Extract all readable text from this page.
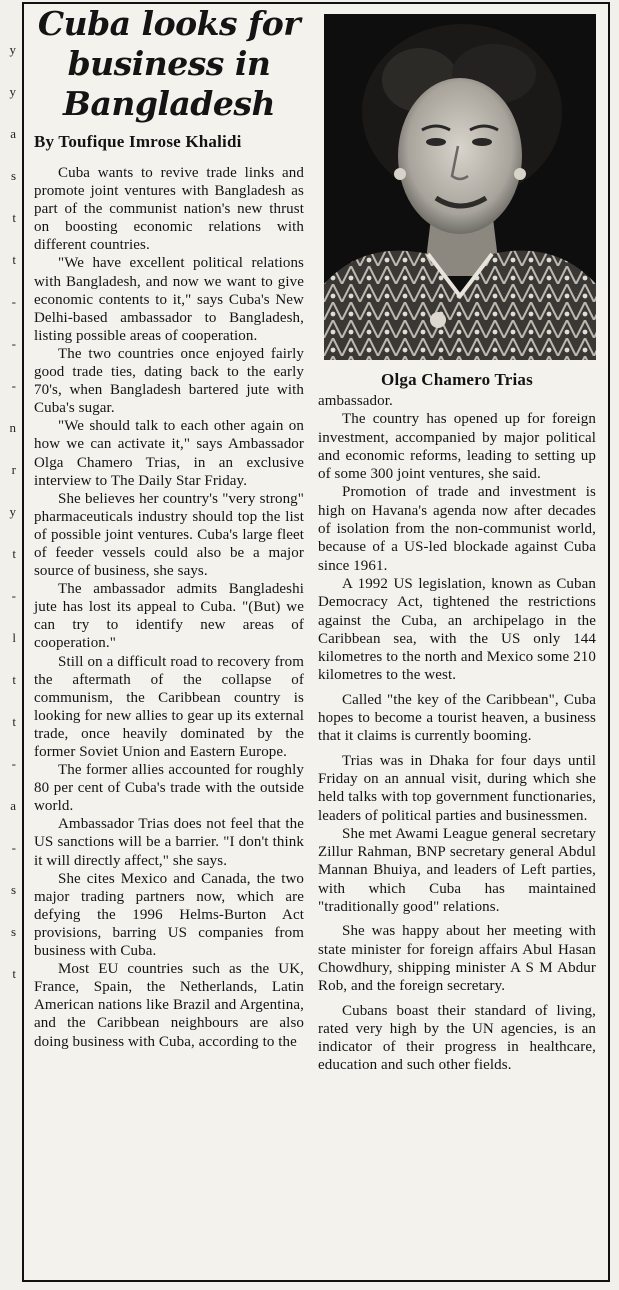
y
y
a
s
t
t
-
-
-
n
r
y
t
-
l
t
t
-
a
-
s
s
t
Cuba looks for business in Bangladesh
By Toufique Imrose Khalidi

Cuba wants to revive trade links and promote joint ventures with Bangladesh as part of the communist nation's new thrust on boosting economic relations with different countries.

"We have excellent political relations with Bangladesh, and now we want to give economic contents to it," says Cuba's New Delhi-based ambassador to Bangladesh, listing possible areas of cooperation.

The two countries once enjoyed fairly good trade ties, dating back to the early 70's, when Bangladesh bartered jute with Cuba's sugar.

"We should talk to each other again on how we can activate it," says Ambassador Olga Chamero Trias, in an exclusive interview to The Daily Star Friday.

She believes her country's "very strong" pharmaceuticals industry should top the list of possible joint ventures. Cuba's large fleet of feeder vessels could also be a major source of business, she says.

The ambassador admits Bangladeshi jute has lost its appeal to Cuba. "(But) we can try to identify new areas of cooperation."

Still on a difficult road to recovery from the aftermath of the collapse of communism, the Caribbean country is looking for new allies to gear up its external trade, once heavily dominated by the former Soviet Union and Eastern Europe.

The former allies accounted for roughly 80 per cent of Cuba's trade with the outside world.

Ambassador Trias does not feel that the US sanctions will be a barrier. "I don't think it will directly affect," she says.

She cites Mexico and Canada, the two major trading partners now, which are defying the 1996 Helms-Burton Act provisions, barring US companies from business with Cuba.

Most EU countries such as the UK, France, Spain, the Netherlands, Latin American nations like Brazil and Argentina, and the Caribbean neighbours are also doing business with Cuba, according to the

Olga Chamero Trias

ambassador.

The country has opened up for foreign investment, accompanied by major political and economic reforms, leading to setting up of some 300 joint ventures, she said.

Promotion of trade and investment is high on Havana's agenda now after decades of isolation from the non-communist world, because of a US-led blockade against Cuba since 1961.

A 1992 US legislation, known as Cuban Democracy Act, tightened the restrictions against the Cuba, an archipelago in the Caribbean sea, with the US only 144 kilometres to the north and Mexico some 210 kilometres to the west.

Called "the key of the Caribbean", Cuba hopes to become a tourist heaven, a business that it claims is currently booming.

Trias was in Dhaka for four days until Friday on an annual visit, during which she held talks with top government functionaries, leaders of political parties and businessmen.

She met Awami League general secretary Zillur Rahman, BNP secretary general Abdul Mannan Bhuiya, and leaders of Left parties, with which Cuba has maintained "traditionally good" relations.

She was happy about her meeting with state minister for foreign affairs Abul Hasan Chowdhury, shipping minister A S M Abdur Rob, and the foreign secretary.

Cubans boast their standard of living, rated very high by the UN agencies, is an indicator of their progress in healthcare, education and such other fields.
